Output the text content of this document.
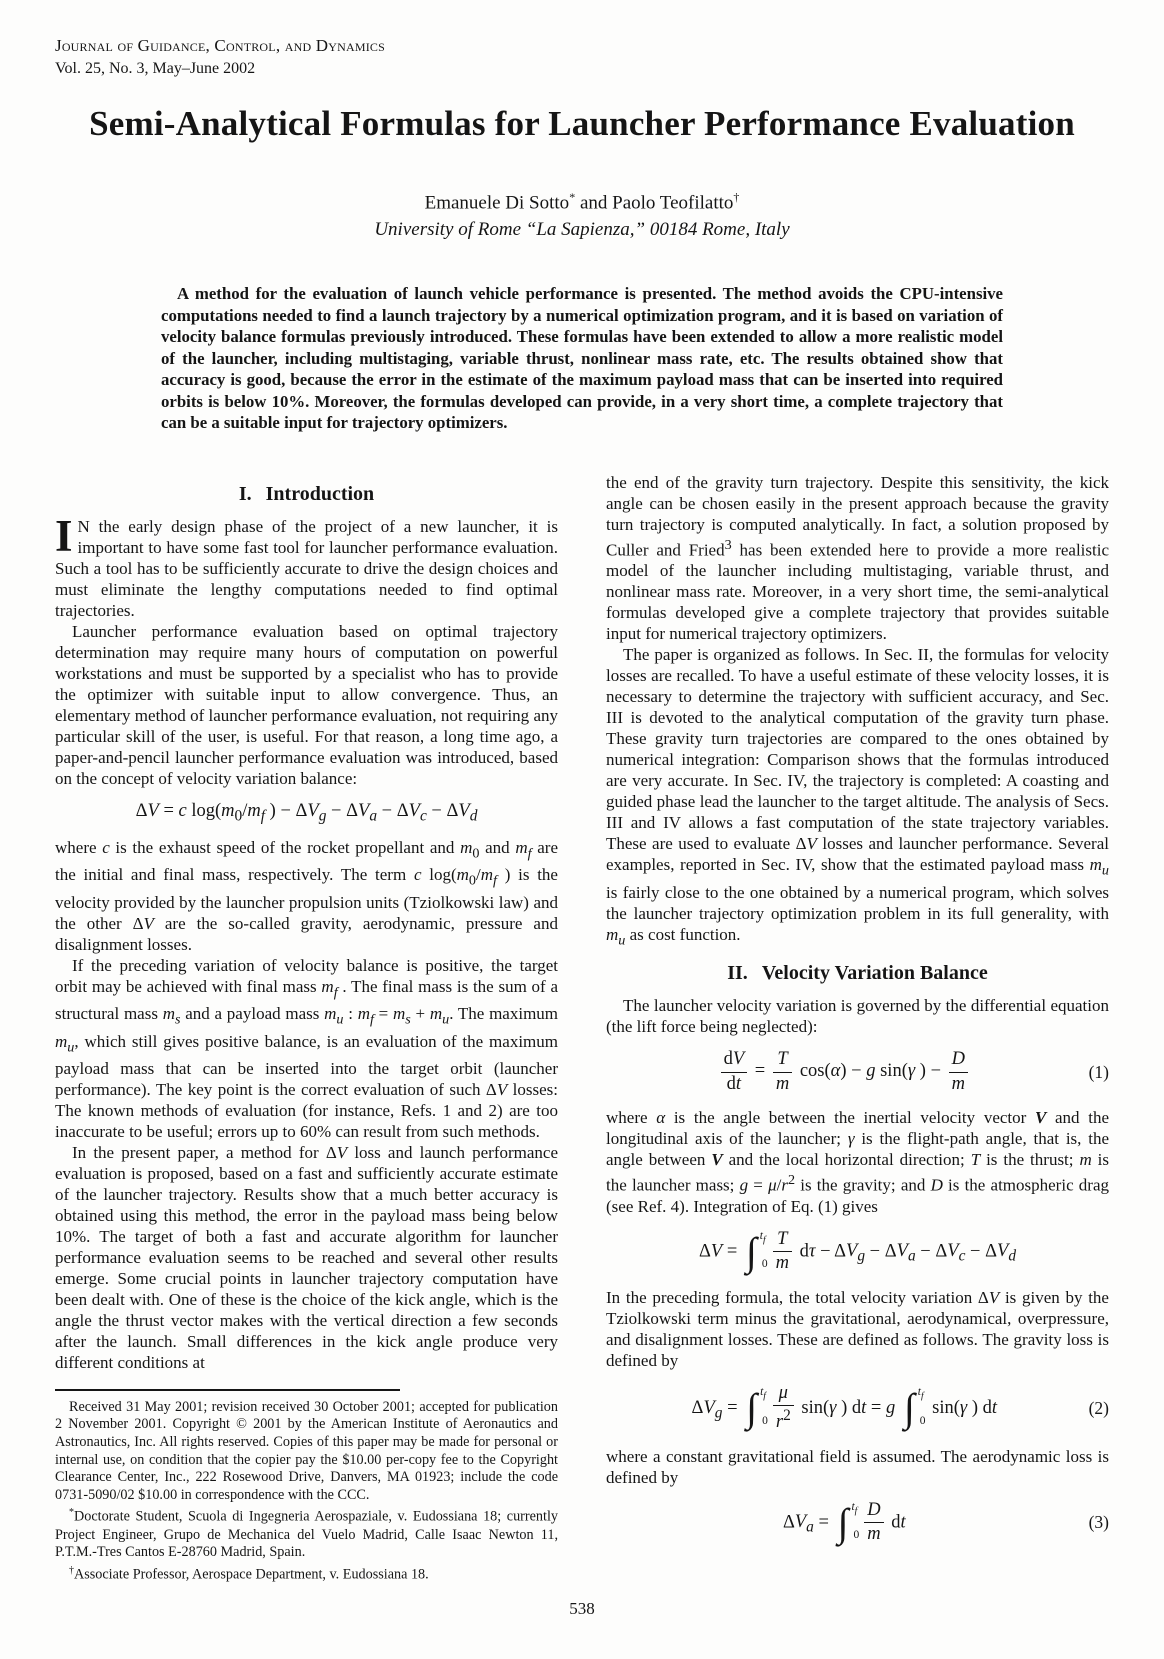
Journal of Guidance, Control, and Dynamics
Vol. 25, No. 3, May–June 2002
Semi-Analytical Formulas for Launcher Performance Evaluation
Emanuele Di Sotto* and Paolo Teofilatto†
University of Rome “La Sapienza,” 00184 Rome, Italy
A method for the evaluation of launch vehicle performance is presented. The method avoids the CPU-intensive computations needed to find a launch trajectory by a numerical optimization program, and it is based on variation of velocity balance formulas previously introduced. These formulas have been extended to allow a more realistic model of the launcher, including multistaging, variable thrust, nonlinear mass rate, etc. The results obtained show that accuracy is good, because the error in the estimate of the maximum payload mass that can be inserted into required orbits is below 10%. Moreover, the formulas developed can provide, in a very short time, a complete trajectory that can be a suitable input for trajectory optimizers.
I. Introduction

I N the early design phase of the project of a new launcher, it is important to have some fast tool for launcher performance evaluation. Such a tool has to be sufficiently accurate to drive the design choices and must eliminate the lengthy computations needed to find optimal trajectories.

Launcher performance evaluation based on optimal trajectory determination may require many hours of computation on powerful workstations and must be supported by a specialist who has to provide the optimizer with suitable input to allow convergence. Thus, an elementary method of launcher performance evaluation, not requiring any particular skill of the user, is useful. For that reason, a long time ago, a paper-and-pencil launcher performance evaluation was introduced, based on the concept of velocity variation balance:

ΔV = c $\log(m_0/m_f$ ) − $\Delta V_g - \Delta V_a - \Delta V_c - \Delta V_d$

where c is the exhaust speed of the rocket propellant and $m_0$ and $m_f$ are the initial and final mass, respectively. The term c $\log(m_0/m_f$ ) is the velocity provided by the launcher propulsion units (Tziolkowski law) and the other ΔV are the so-called gravity, aerodynamic, pressure and disalignment losses.

If the preceding variation of velocity balance is positive, the target orbit may be achieved with final mass $m_f$ . The final mass is the sum of a structural mass $m_s$ and a payload mass $m_u$ : $m_f = m_s + m_u$. The maximum $m_u$, which still gives positive balance, is an evaluation of the maximum payload mass that can be inserted into the target orbit (launcher performance). The key point is the correct evaluation of such ΔV losses: The known methods of evaluation (for instance, Refs. 1 and 2) are too inaccurate to be useful; errors up to 60% can result from such methods.

In the present paper, a method for ΔV loss and launch performance evaluation is proposed, based on a fast and sufficiently accurate estimate of the launcher trajectory. Results show that a much better accuracy is obtained using this method, the error in the payload mass being below 10%. The target of both a fast and accurate algorithm for launcher performance evaluation seems to be reached and several other results emerge. Some crucial points in launcher trajectory computation have been dealt with. One of these is the choice of the kick angle, which is the angle the thrust vector makes with the vertical direction a few seconds after the launch. Small differences in the kick angle produce very different conditions at

Received 31 May 2001; revision received 30 October 2001; accepted for publication 2 November 2001. Copyright © 2001 by the American Institute of Aeronautics and Astronautics, Inc. All rights reserved. Copies of this paper may be made for personal or internal use, on condition that the copier pay the $10.00 per-copy fee to the Copyright Clearance Center, Inc., 222 Rosewood Drive, Danvers, MA 01923; include the code 0731-5090/02 $10.00 in correspondence with the CCC.

*Doctorate Student, Scuola di Ingegneria Aerospaziale, v. Eudossiana 18; currently Project Engineer, Grupo de Mechanica del Vuelo Madrid, Calle Isaac Newton 11, P.T.M.-Tres Cantos E-28760 Madrid, Spain.

†Associate Professor, Aerospace Department, v. Eudossiana 18.

the end of the gravity turn trajectory. Despite this sensitivity, the kick angle can be chosen easily in the present approach because the gravity turn trajectory is computed analytically. In fact, a solution proposed by Culler and Fried$^3$ has been extended here to provide a more realistic model of the launcher including multistaging, variable thrust, and nonlinear mass rate. Moreover, in a very short time, the semi-analytical formulas developed give a complete trajectory that provides suitable input for numerical trajectory optimizers.

The paper is organized as follows. In Sec. II, the formulas for velocity losses are recalled. To have a useful estimate of these velocity losses, it is necessary to determine the trajectory with sufficient accuracy, and Sec. III is devoted to the analytical computation of the gravity turn phase. These gravity turn trajectories are compared to the ones obtained by numerical integration: Comparison shows that the formulas introduced are very accurate. In Sec. IV, the trajectory is completed: A coasting and guided phase lead the launcher to the target altitude. The analysis of Secs. III and IV allows a fast computation of the state trajectory variables. These are used to evaluate ΔV losses and launcher performance. Several examples, reported in Sec. IV, show that the estimated payload mass $m_u$ is fairly close to the one obtained by a numerical program, which solves the launcher trajectory optimization problem in its full generality, with $m_u$ as cost function.

II. Velocity Variation Balance

The launcher velocity variation is governed by the differential equation (the lift force being neglected):

$\frac{dV}{dt} = \frac{T}{m} \cos(\alpha) - g$ sin(γ ) − $\frac{D}{m}$	(1)

where α is the angle between the inertial velocity vector V and the longitudinal axis of the launcher; γ is the flight-path angle, that is, the angle between V and the local horizontal direction; T is the thrust; m is the launcher mass; $g = \mu/r^2$ is the gravity; and D is the atmospheric drag (see Ref. 4). Integration of Eq. (1) gives

ΔV = ∫ $t_f$
$0 \frac{T}{m}$ $d\tau - \Delta V_g - \Delta V_a - \Delta V_c - \Delta V_d$

In the preceding formula, the total velocity variation ΔV is given by the Tziolkowski term minus the gravitational, aerodynamical, overpressure, and disalignment losses. These are defined as follows. The gravity loss is defined by

$\Delta V_g$ = ∫ $t_f$
$0 \frac{\mu}{r^2} \sin(\gamma$ ) dt = g ∫ $t_f$
0
sin(γ ) dt	(2)

where a constant gravitational field is assumed. The aerodynamic loss is defined by

$\Delta V_a$ = ∫ $t_f$
$0 \frac{D}{m}$ dt	(3)
538
